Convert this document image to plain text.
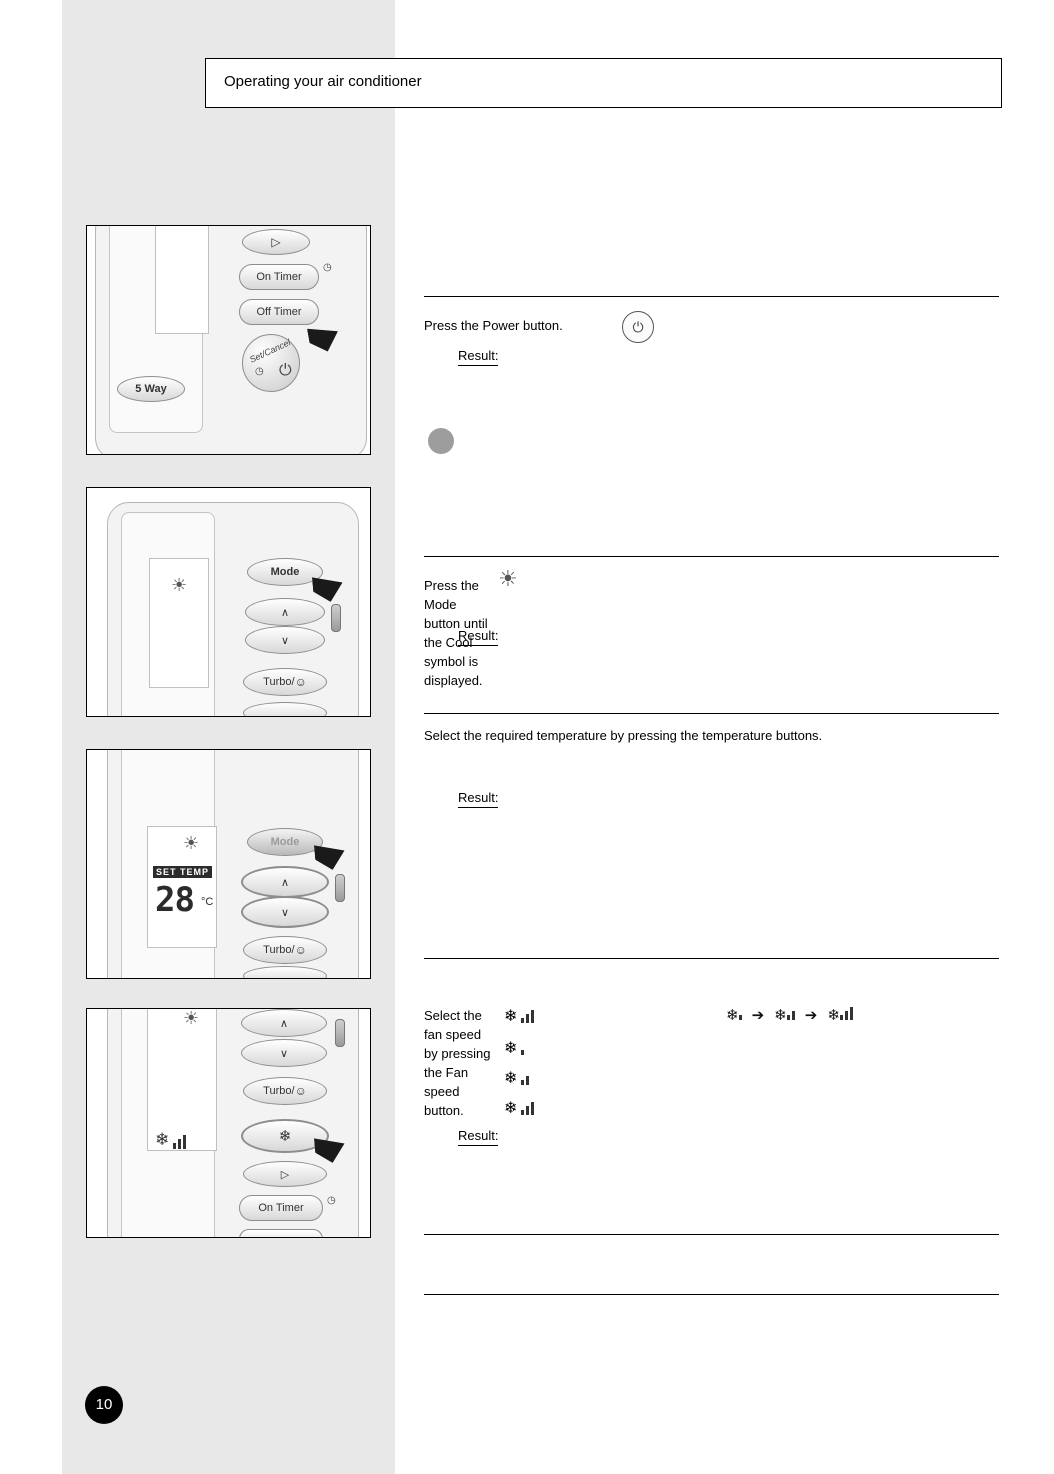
Operating your air conditioner
10
▷
On Timer
◷
Off Timer
Set/Cancel
◷ ⏻
5 Way
☀
Mode
∧
∨
Turbo/ ☺
☀
SET TEMP
28 °C
Mode
∧
∨
Turbo/ ☺
☀
❄
∧
∨
Turbo/ ☺
❄
▷
On Timer
◷
⏻
Press the Power button.
Result:
☀
Press the Mode button until the Cool symbol is displayed.
Result:
Select the required temperature by pressing the temperature buttons.
Result:
❄
❄
❄
❄
❄ ➔ ❄	➔ ❄
Select the fan speed by pressing the Fan speed button.
Result:
